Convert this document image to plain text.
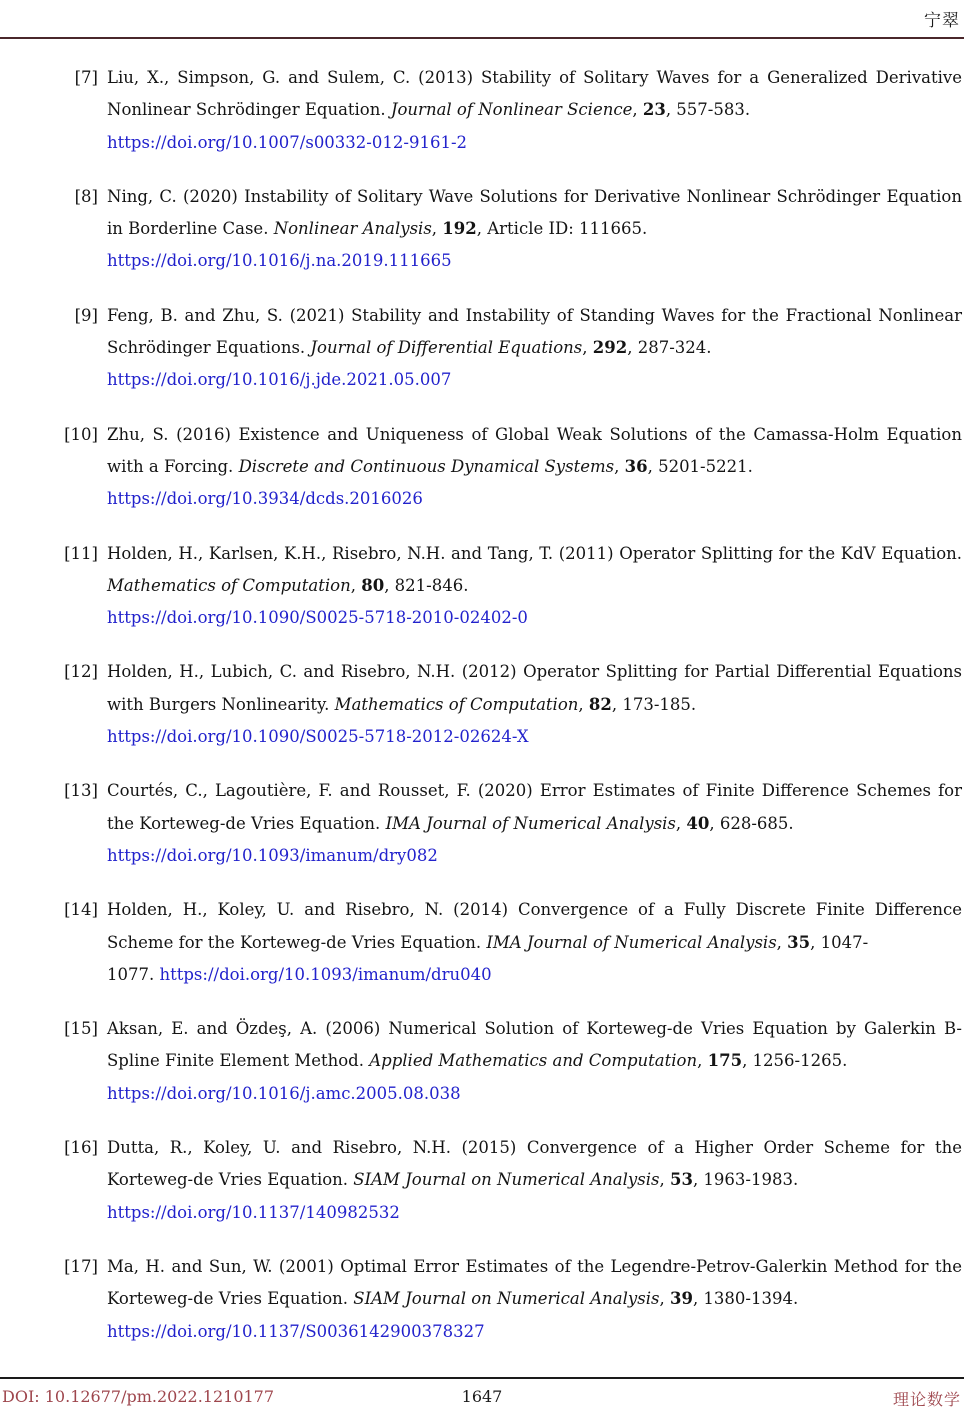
宁翠
[7] Liu, X., Simpson, G. and Sulem, C. (2013) Stability of Solitary Waves for a Generalized Derivative Nonlinear Schrödinger Equation. Journal of Nonlinear Science, 23, 557-583.
https://doi.org/10.1007/s00332-012-9161-2
[8] Ning, C. (2020) Instability of Solitary Wave Solutions for Derivative Nonlinear Schrödinger Equation in Borderline Case. Nonlinear Analysis, 192, Article ID: 111665.
https://doi.org/10.1016/j.na.2019.111665
[9] Feng, B. and Zhu, S. (2021) Stability and Instability of Standing Waves for the Fractional Nonlinear Schrödinger Equations. Journal of Differential Equations, 292, 287-324.
https://doi.org/10.1016/j.jde.2021.05.007
[10] Zhu, S. (2016) Existence and Uniqueness of Global Weak Solutions of the Camassa-Holm Equation with a Forcing. Discrete and Continuous Dynamical Systems, 36, 5201-5221.
https://doi.org/10.3934/dcds.2016026
[11] Holden, H., Karlsen, K.H., Risebro, N.H. and Tang, T. (2011) Operator Splitting for the KdV Equation. Mathematics of Computation, 80, 821-846.
https://doi.org/10.1090/S0025-5718-2010-02402-0
[12] Holden, H., Lubich, C. and Risebro, N.H. (2012) Operator Splitting for Partial Differential Equations with Burgers Nonlinearity. Mathematics of Computation, 82, 173-185.
https://doi.org/10.1090/S0025-5718-2012-02624-X
[13] Courtés, C., Lagoutière, F. and Rousset, F. (2020) Error Estimates of Finite Difference Schemes for the Korteweg-de Vries Equation. IMA Journal of Numerical Analysis, 40, 628-685.
https://doi.org/10.1093/imanum/dry082
[14] Holden, H., Koley, U. and Risebro, N. (2014) Convergence of a Fully Discrete Finite Difference Scheme for the Korteweg-de Vries Equation. IMA Journal of Numerical Analysis, 35, 1047-
1077. https://doi.org/10.1093/imanum/dru040
[15] Aksan, E. and Özdeş, A. (2006) Numerical Solution of Korteweg-de Vries Equation by Galerkin B-Spline Finite Element Method. Applied Mathematics and Computation, 175, 1256-1265.
https://doi.org/10.1016/j.amc.2005.08.038
[16] Dutta, R., Koley, U. and Risebro, N.H. (2015) Convergence of a Higher Order Scheme for the Korteweg-de Vries Equation. SIAM Journal on Numerical Analysis, 53, 1963-1983.
https://doi.org/10.1137/140982532
[17] Ma, H. and Sun, W. (2001) Optimal Error Estimates of the Legendre-Petrov-Galerkin Method for the Korteweg-de Vries Equation. SIAM Journal on Numerical Analysis, 39, 1380-1394.
https://doi.org/10.1137/S0036142900378327
DOI: 10.12677/pm.2022.1210177	1647	理论数学
